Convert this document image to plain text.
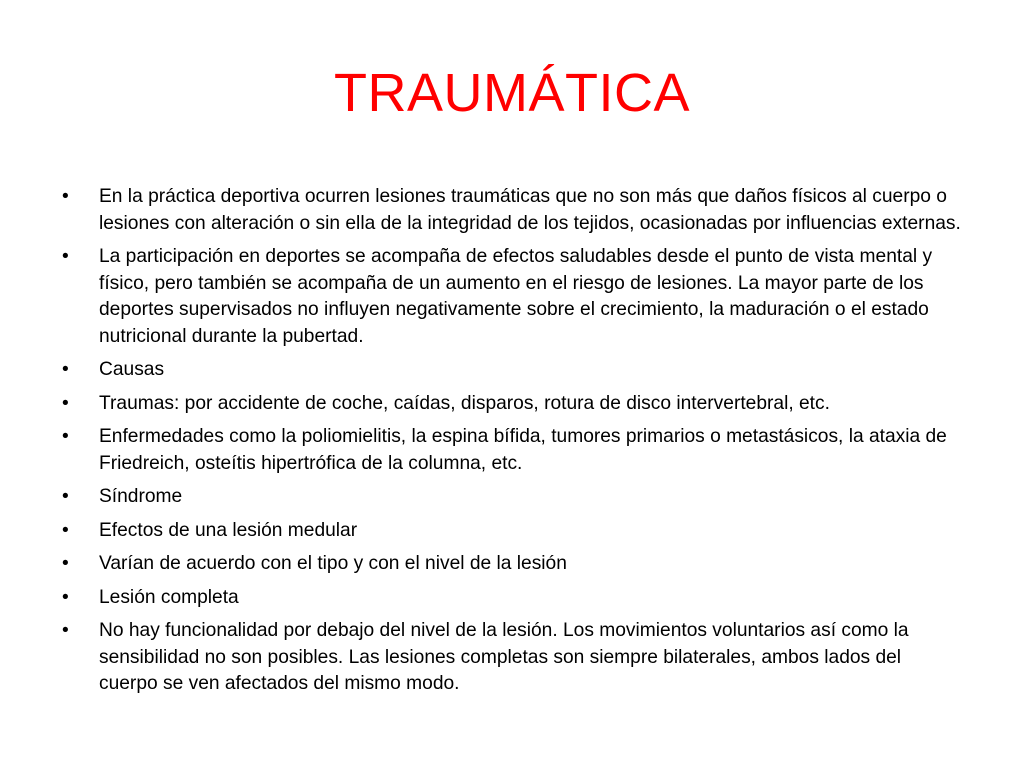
TRAUMÁTICA
•	En la práctica deportiva ocurren lesiones traumáticas que no son más que daños físicos al cuerpo o lesiones con alteración o sin ella de la integridad de los tejidos, ocasionadas por influencias externas.
•	La participación en deportes se acompaña de efectos saludables desde el punto de vista mental y físico, pero también se acompaña de un aumento en el riesgo de lesiones. La mayor parte de los deportes supervisados no influyen negativamente sobre el crecimiento, la maduración o el estado nutricional durante la pubertad.
•	Causas
•	Traumas: por accidente de coche, caídas, disparos, rotura de disco intervertebral, etc.
•	Enfermedades como la poliomielitis, la espina bífida, tumores primarios o metastásicos, la ataxia de Friedreich, osteítis hipertrófica de la columna, etc.
•	Síndrome
•	Efectos de una lesión medular
•	Varían de acuerdo con el tipo y con el nivel de la lesión
•	Lesión completa
•	No hay funcionalidad por debajo del nivel de la lesión. Los movimientos voluntarios así como la sensibilidad no son posibles. Las lesiones completas son siempre bilaterales, ambos lados del cuerpo se ven afectados del mismo modo.
